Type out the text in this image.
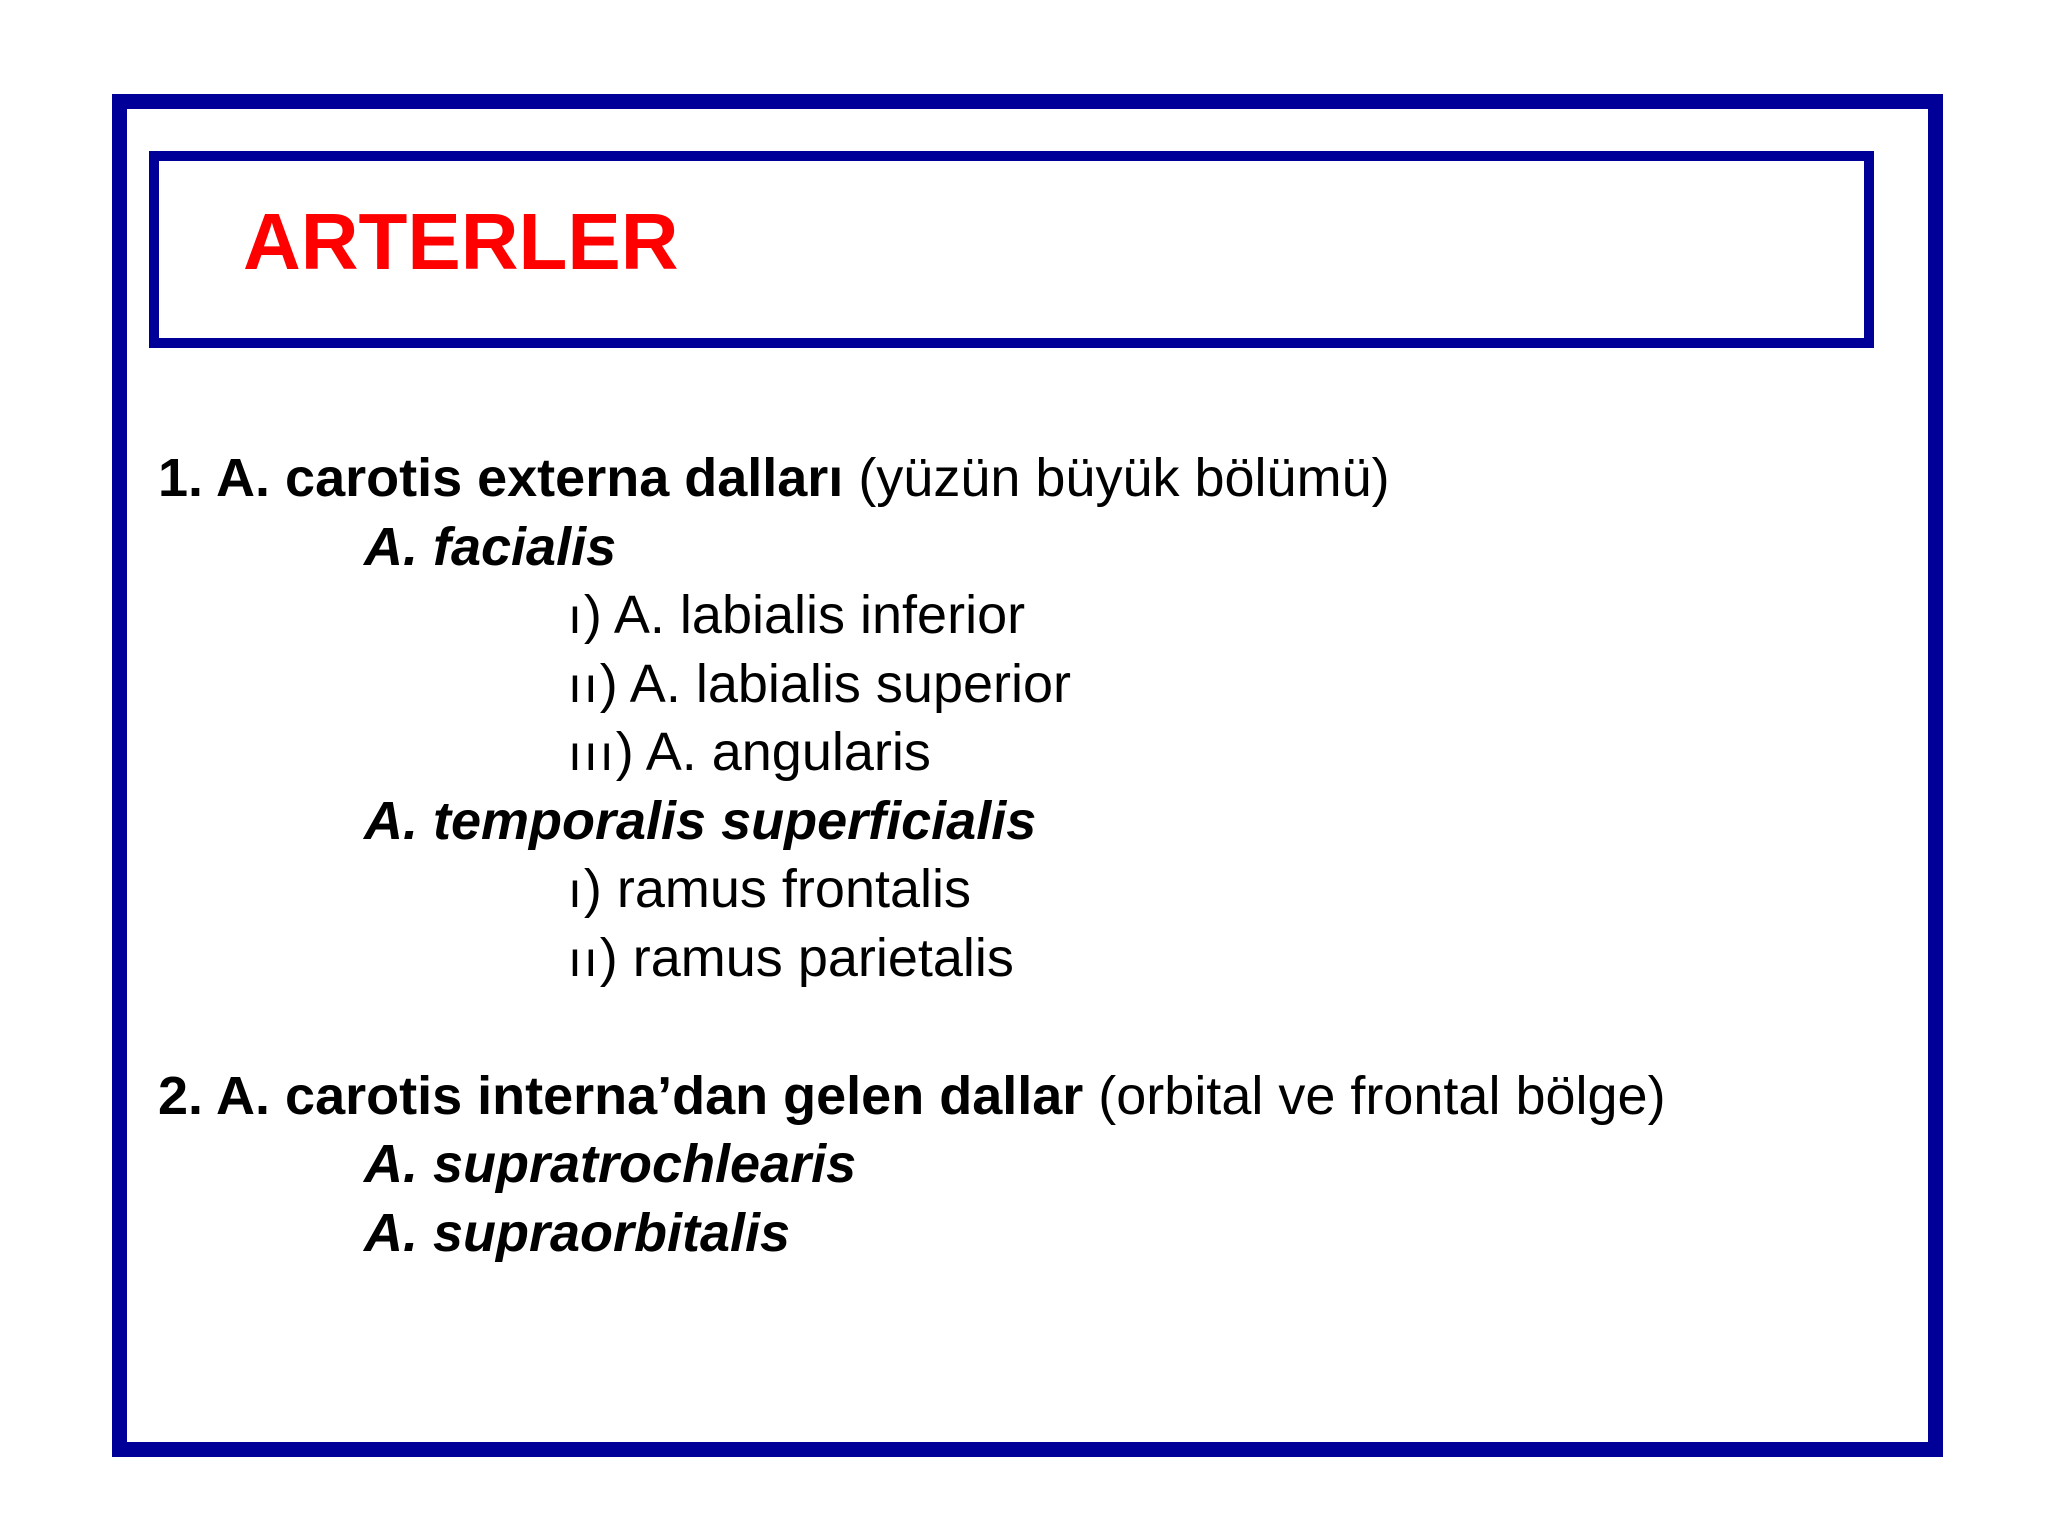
ARTERLER
1. A. carotis externa dalları (yüzün büyük bölümü)
A. facialis
ı) A. labialis inferior
ıı) A. labialis superior
ııı) A. angularis
A. temporalis superficialis
ı) ramus frontalis
ıı) ramus parietalis
2. A. carotis interna’dan gelen dallar (orbital ve frontal bölge)
A. supratrochlearis
A. supraorbitalis
